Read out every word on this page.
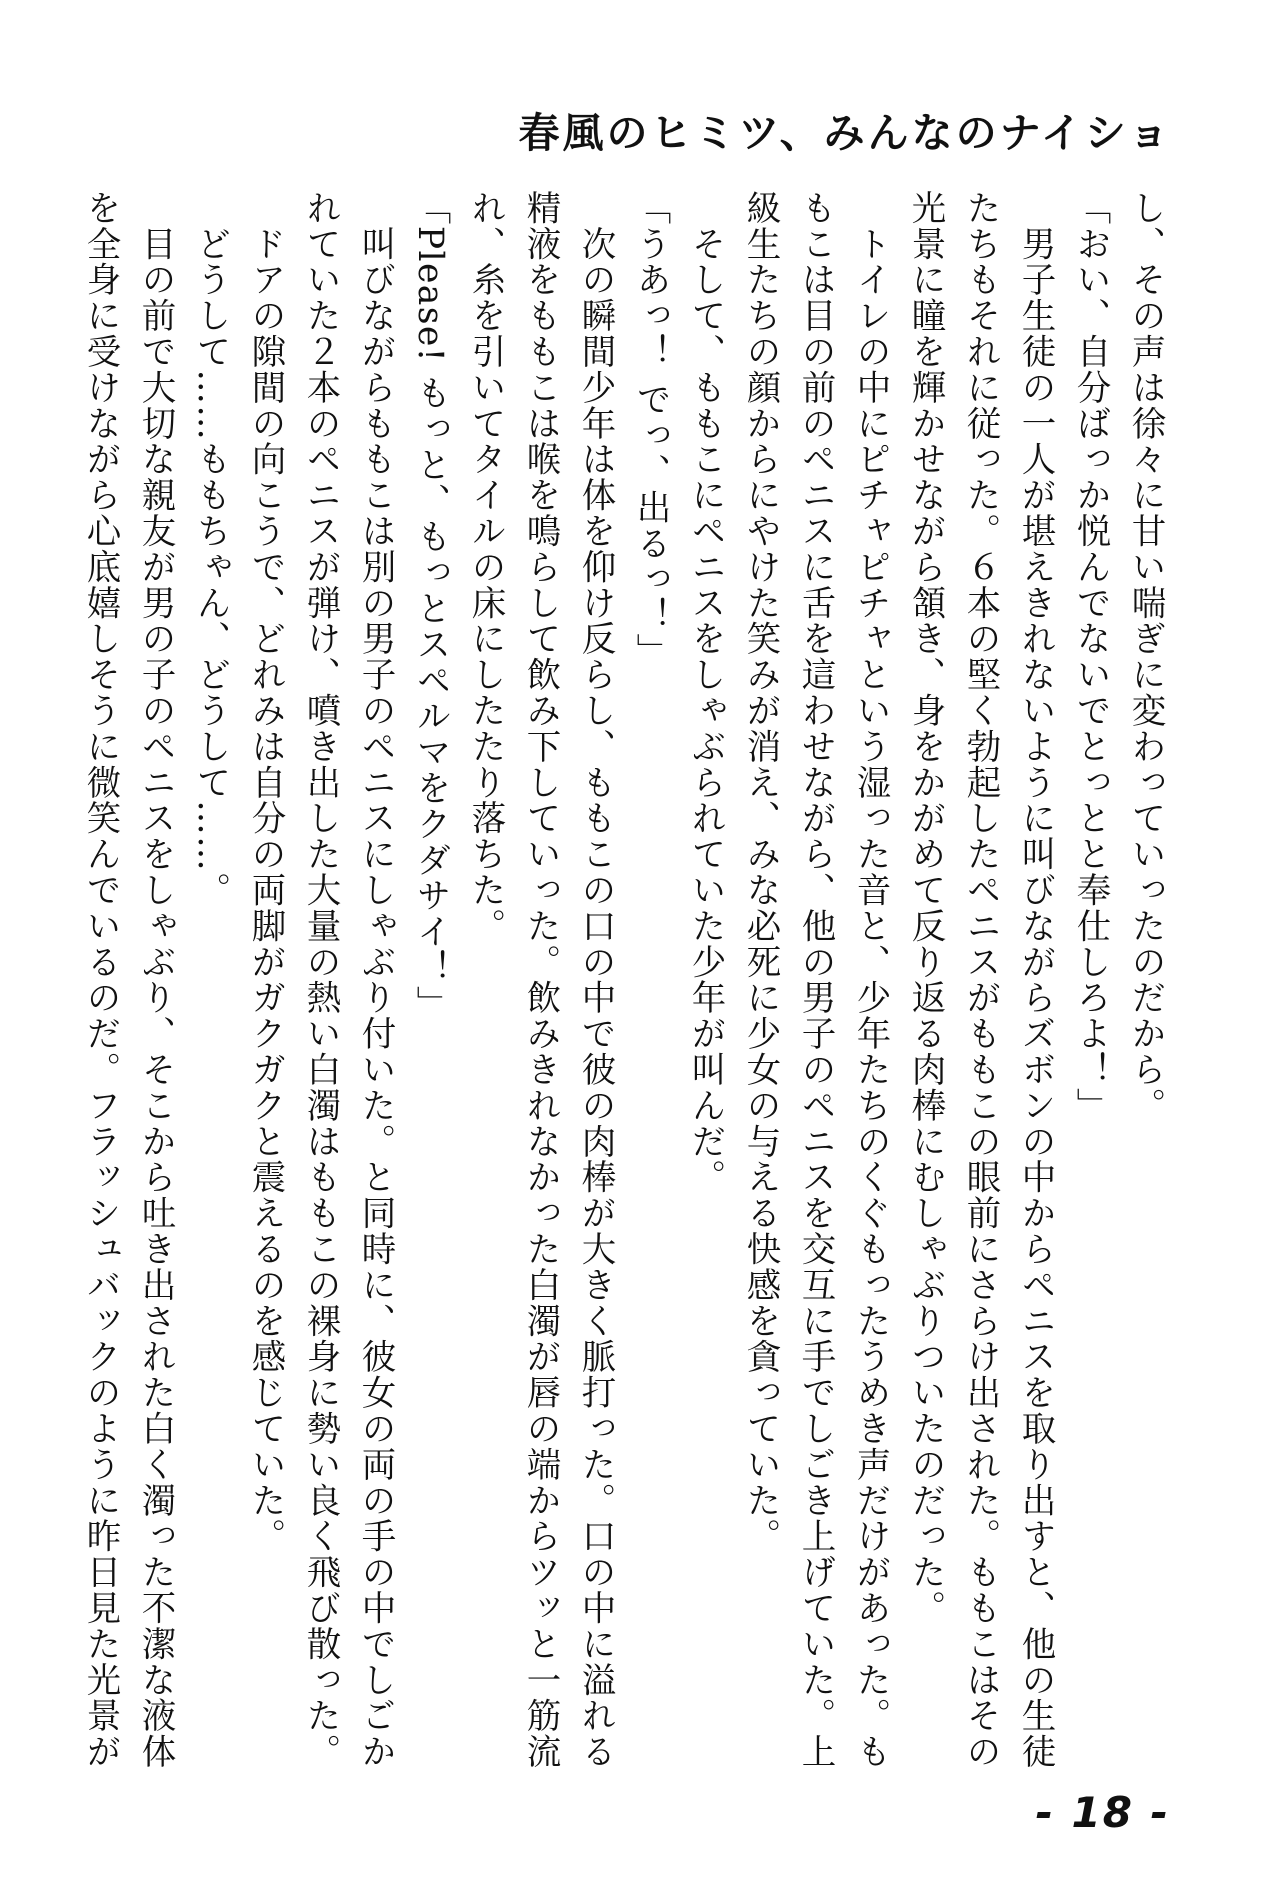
春風のヒミツ、みんなのナイショ

し、その声は徐々に甘い喘ぎに変わっていったのだから。

「おい、自分ばっか悦んでないでとっとと奉仕しろよ！」

男子生徒の一人が堪えきれないように叫びながらズボンの中からペニスを取り出すと、他の生徒

たちもそれに従った。６本の堅く勃起したペニスがももこの眼前にさらけ出された。ももこはその

光景に瞳を輝かせながら頷き、身をかがめて反り返る肉棒にむしゃぶりついたのだった。

トイレの中にピチャピチャという湿った音と、少年たちのくぐもったうめき声だけがあった。も

もこは目の前のペニスに舌を這わせながら、他の男子のペニスを交互に手でしごき上げていた。上

級生たちの顔からにやけた笑みが消え、みな必死に少女の与える快感を貪っていた。

そして、ももこにペニスをしゃぶられていた少年が叫んだ。

「うあっ！ でっ、出るっ！」

次の瞬間少年は体を仰け反らし、ももこの口の中で彼の肉棒が大きく脈打った。口の中に溢れる

精液をももこは喉を鳴らして飲み下していった。飲みきれなかった白濁が唇の端からツッと一筋流

れ、糸を引いてタイルの床にしたたり落ちた。

「Please! もっと、もっとスペルマをクダサイ！」

叫びながらももこは別の男子のペニスにしゃぶり付いた。と同時に、彼女の両の手の中でしごか

れていた２本のペニスが弾け、噴き出した大量の熱い白濁はももこの裸身に勢い良く飛び散った。

ドアの隙間の向こうで、どれみは自分の両脚がガクガクと震えるのを感じていた。

どうして……ももちゃん、どうして……。

目の前で大切な親友が男の子のペニスをしゃぶり、そこから吐き出された白く濁った不潔な液体

を全身に受けながら心底嬉しそうに微笑んでいるのだ。フラッシュバックのように昨日見た光景が

- 18 -
